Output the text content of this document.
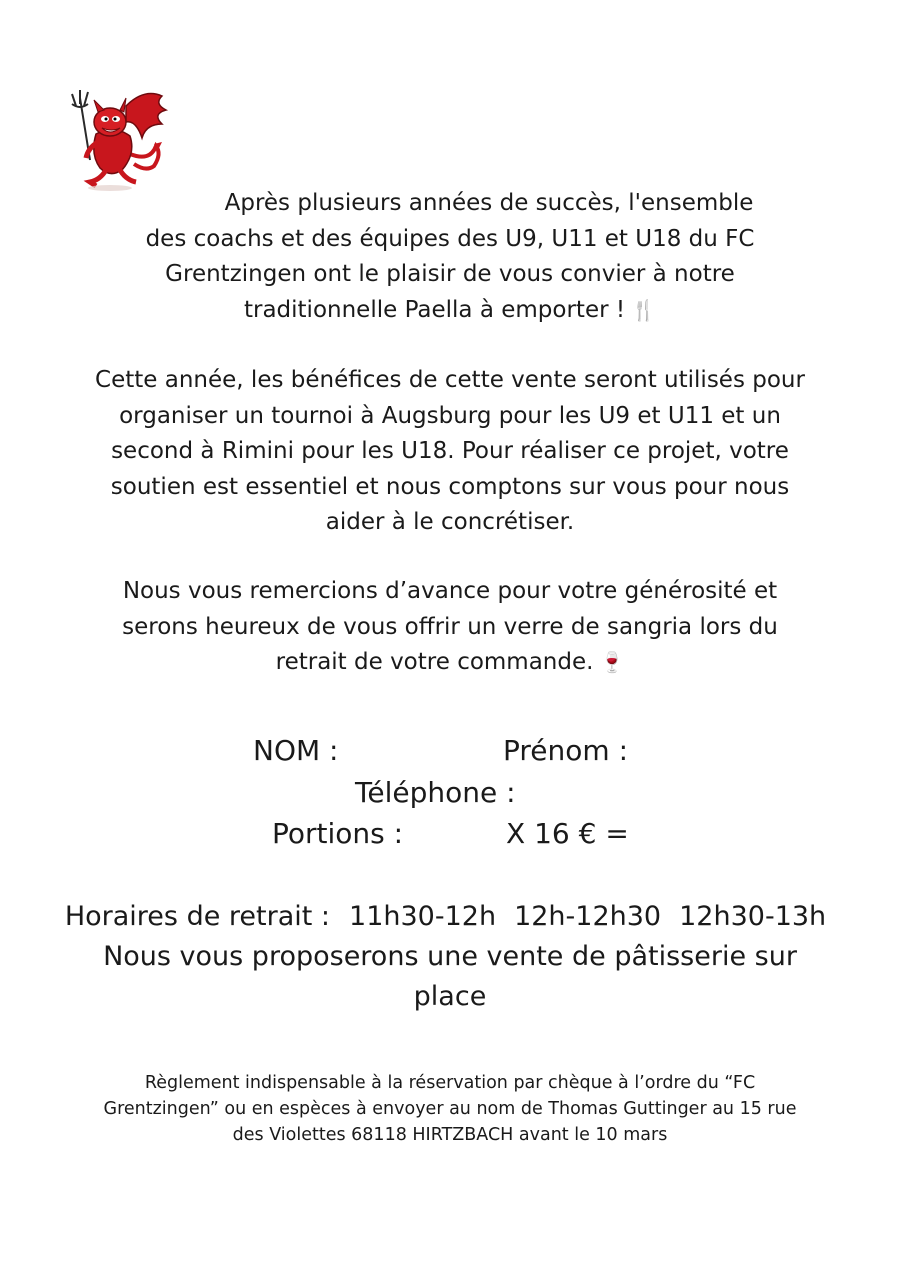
Après plusieurs années de succès, l'ensemble
des coachs et des équipes des U9, U11 et U18 du FC
Grentzingen ont le plaisir de vous convier à notre
traditionnelle Paella à emporter ! 🍴

Cette année, les bénéfices de cette vente seront utilisés pour
organiser un tournoi à Augsburg pour les U9 et U11 et un
second à Rimini pour les U18. Pour réaliser ce projet, votre
soutien est essentiel et nous comptons sur vous pour nous
aider à le concrétiser.

Nous vous remercions d’avance pour votre générosité et
serons heureux de vous offrir un verre de sangria lors du
retrait de votre commande. 🍷

NOM :	Prénom :
Téléphone :
Portions :	X 16 € =
Horaires de retrait : 11h30-12h 12h-12h30 12h30-13h
Nous vous proposerons une vente de pâtisserie sur
place

Règlement indispensable à la réservation par chèque à l’ordre du “FC
Grentzingen” ou en espèces à envoyer au nom de Thomas Guttinger au 15 rue
des Violettes 68118 HIRTZBACH avant le 10 mars
